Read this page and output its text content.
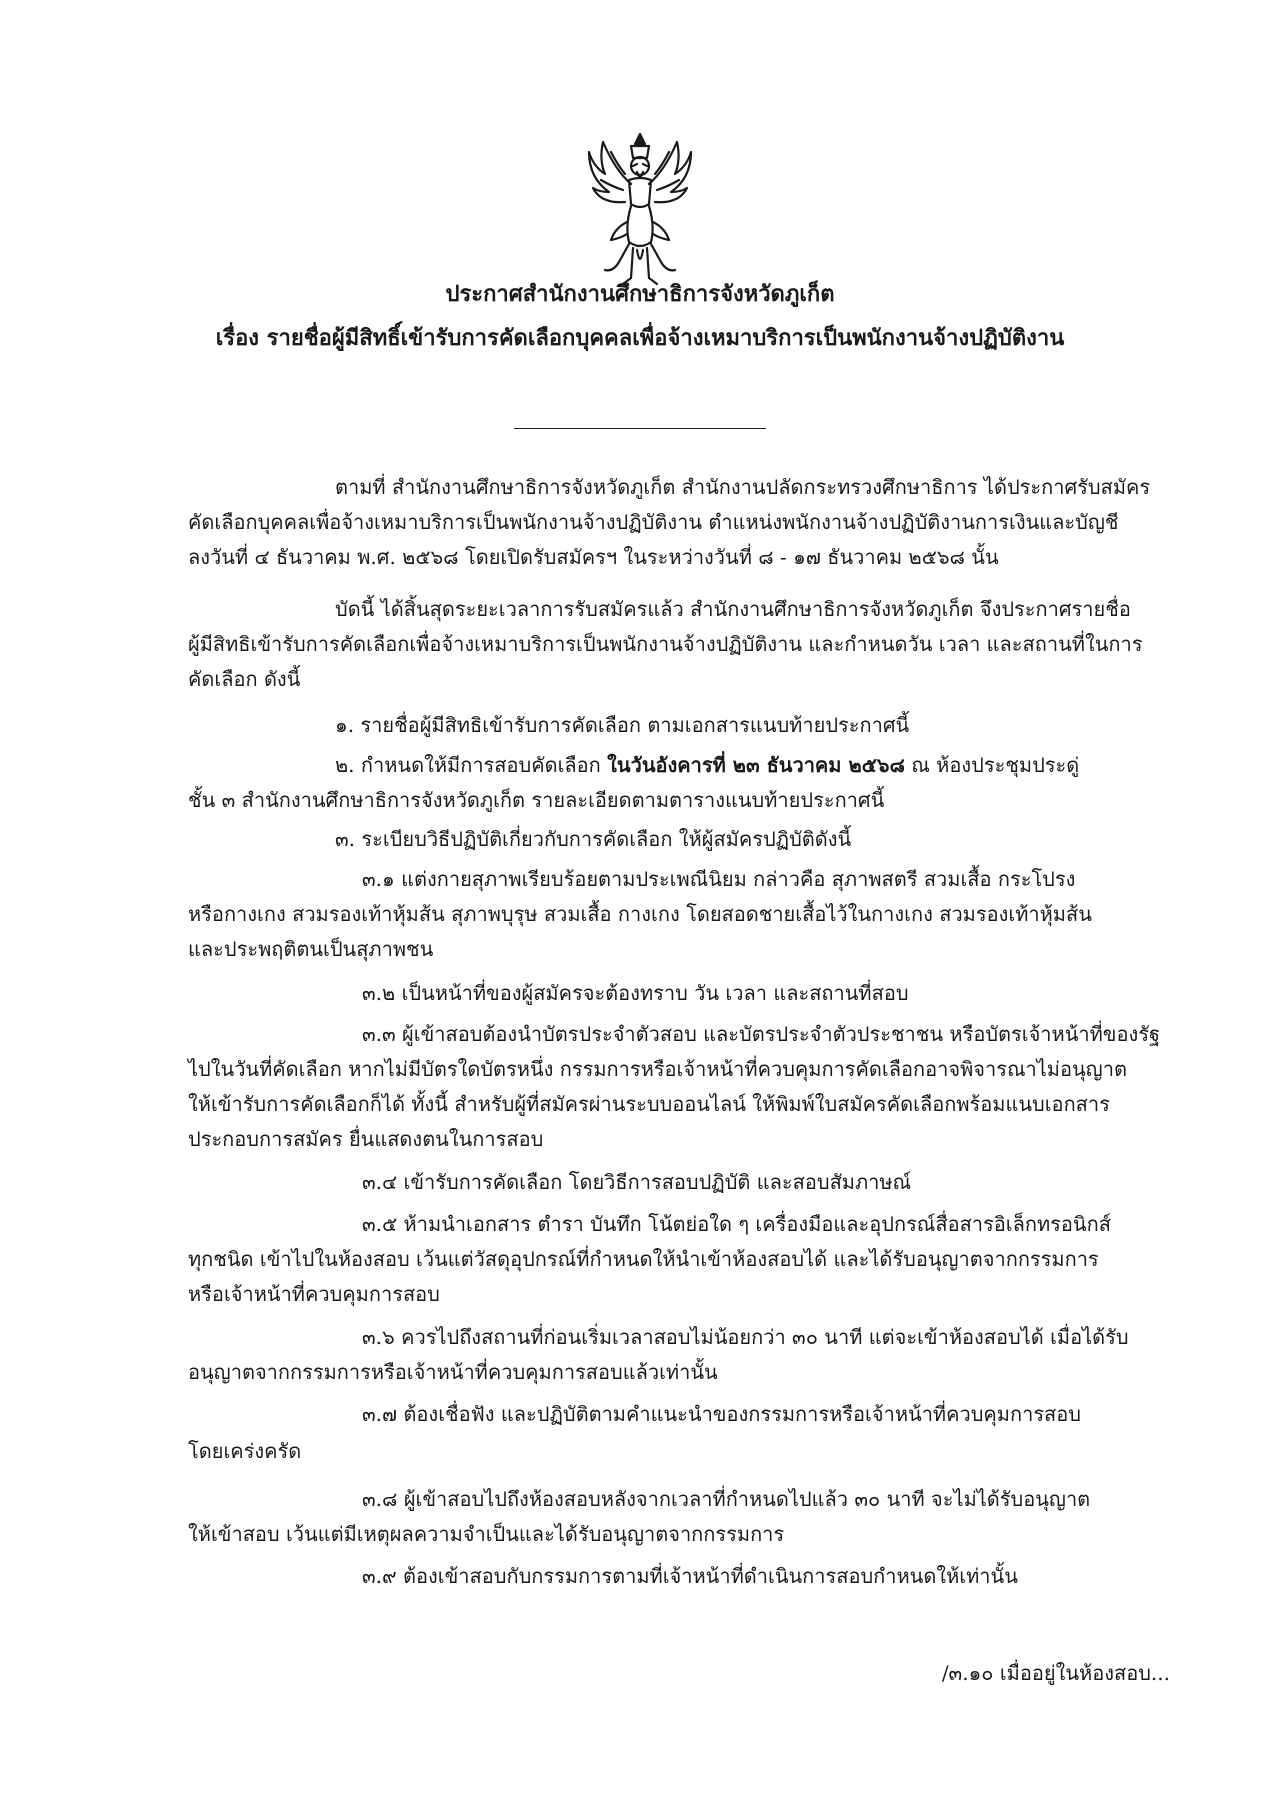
ประกาศสำนักงานศึกษาธิการจังหวัดภูเก็ต
เรื่อง รายชื่อผู้มีสิทธิ์เข้ารับการคัดเลือกบุคคลเพื่อจ้างเหมาบริการเป็นพนักงานจ้างปฏิบัติงาน
ตามที่ สำนักงานศึกษาธิการจังหวัดภูเก็ต สำนักงานปลัดกระทรวงศึกษาธิการ ได้ประกาศรับสมัคร
คัดเลือกบุคคลเพื่อจ้างเหมาบริการเป็นพนักงานจ้างปฏิบัติงาน ตำแหน่งพนักงานจ้างปฏิบัติงานการเงินและบัญชี
ลงวันที่ ๔ ธันวาคม พ.ศ. ๒๕๖๘ โดยเปิดรับสมัครฯ ในระหว่างวันที่ ๘ - ๑๗ ธันวาคม ๒๕๖๘ นั้น
บัดนี้ ได้สิ้นสุดระยะเวลาการรับสมัครแล้ว สำนักงานศึกษาธิการจังหวัดภูเก็ต จึงประกาศรายชื่อ
ผู้มีสิทธิเข้ารับการคัดเลือกเพื่อจ้างเหมาบริการเป็นพนักงานจ้างปฏิบัติงาน และกำหนดวัน เวลา และสถานที่ในการ
คัดเลือก ดังนี้
๑. รายชื่อผู้มีสิทธิเข้ารับการคัดเลือก ตามเอกสารแนบท้ายประกาศนี้
๒. กำหนดให้มีการสอบคัดเลือก ในวันอังคารที่ ๒๓ ธันวาคม ๒๕๖๘ ณ ห้องประชุมประดู่
ชั้น ๓ สำนักงานศึกษาธิการจังหวัดภูเก็ต รายละเอียดตามตารางแนบท้ายประกาศนี้
๓. ระเบียบวิธีปฏิบัติเกี่ยวกับการคัดเลือก ให้ผู้สมัครปฏิบัติดังนี้
๓.๑ แต่งกายสุภาพเรียบร้อยตามประเพณีนิยม กล่าวคือ สุภาพสตรี สวมเสื้อ กระโปรง
หรือกางเกง สวมรองเท้าหุ้มส้น สุภาพบุรุษ สวมเสื้อ กางเกง โดยสอดชายเสื้อไว้ในกางเกง สวมรองเท้าหุ้มส้น
และประพฤติตนเป็นสุภาพชน
๓.๒ เป็นหน้าที่ของผู้สมัครจะต้องทราบ วัน เวลา และสถานที่สอบ
๓.๓ ผู้เข้าสอบต้องนำบัตรประจำตัวสอบ และบัตรประจำตัวประชาชน หรือบัตรเจ้าหน้าที่ของรัฐ
ไปในวันที่คัดเลือก หากไม่มีบัตรใดบัตรหนึ่ง กรรมการหรือเจ้าหน้าที่ควบคุมการคัดเลือกอาจพิจารณาไม่อนุญาต
ให้เข้ารับการคัดเลือกก็ได้ ทั้งนี้ สำหรับผู้ที่สมัครผ่านระบบออนไลน์ ให้พิมพ์ใบสมัครคัดเลือกพร้อมแนบเอกสาร
ประกอบการสมัคร ยื่นแสดงตนในการสอบ
๓.๔ เข้ารับการคัดเลือก โดยวิธีการสอบปฏิบัติ และสอบสัมภาษณ์
๓.๕ ห้ามนำเอกสาร ตำรา บันทึก โน้ตย่อใด ๆ เครื่องมือและอุปกรณ์สื่อสารอิเล็กทรอนิกส์
ทุกชนิด เข้าไปในห้องสอบ เว้นแต่วัสดุอุปกรณ์ที่กำหนดให้นำเข้าห้องสอบได้ และได้รับอนุญาตจากกรรมการ
หรือเจ้าหน้าที่ควบคุมการสอบ
๓.๖ ควรไปถึงสถานที่ก่อนเริ่มเวลาสอบไม่น้อยกว่า ๓๐ นาที แต่จะเข้าห้องสอบได้ เมื่อได้รับ
อนุญาตจากกรรมการหรือเจ้าหน้าที่ควบคุมการสอบแล้วเท่านั้น
๓.๗ ต้องเชื่อฟัง และปฏิบัติตามคำแนะนำของกรรมการหรือเจ้าหน้าที่ควบคุมการสอบ
โดยเคร่งครัด
๓.๘ ผู้เข้าสอบไปถึงห้องสอบหลังจากเวลาที่กำหนดไปแล้ว ๓๐ นาที จะไม่ได้รับอนุญาต
ให้เข้าสอบ เว้นแต่มีเหตุผลความจำเป็นและได้รับอนุญาตจากกรรมการ
๓.๙ ต้องเข้าสอบกับกรรมการตามที่เจ้าหน้าที่ดำเนินการสอบกำหนดให้เท่านั้น
/๓.๑๐ เมื่ออยู่ในห้องสอบ...
